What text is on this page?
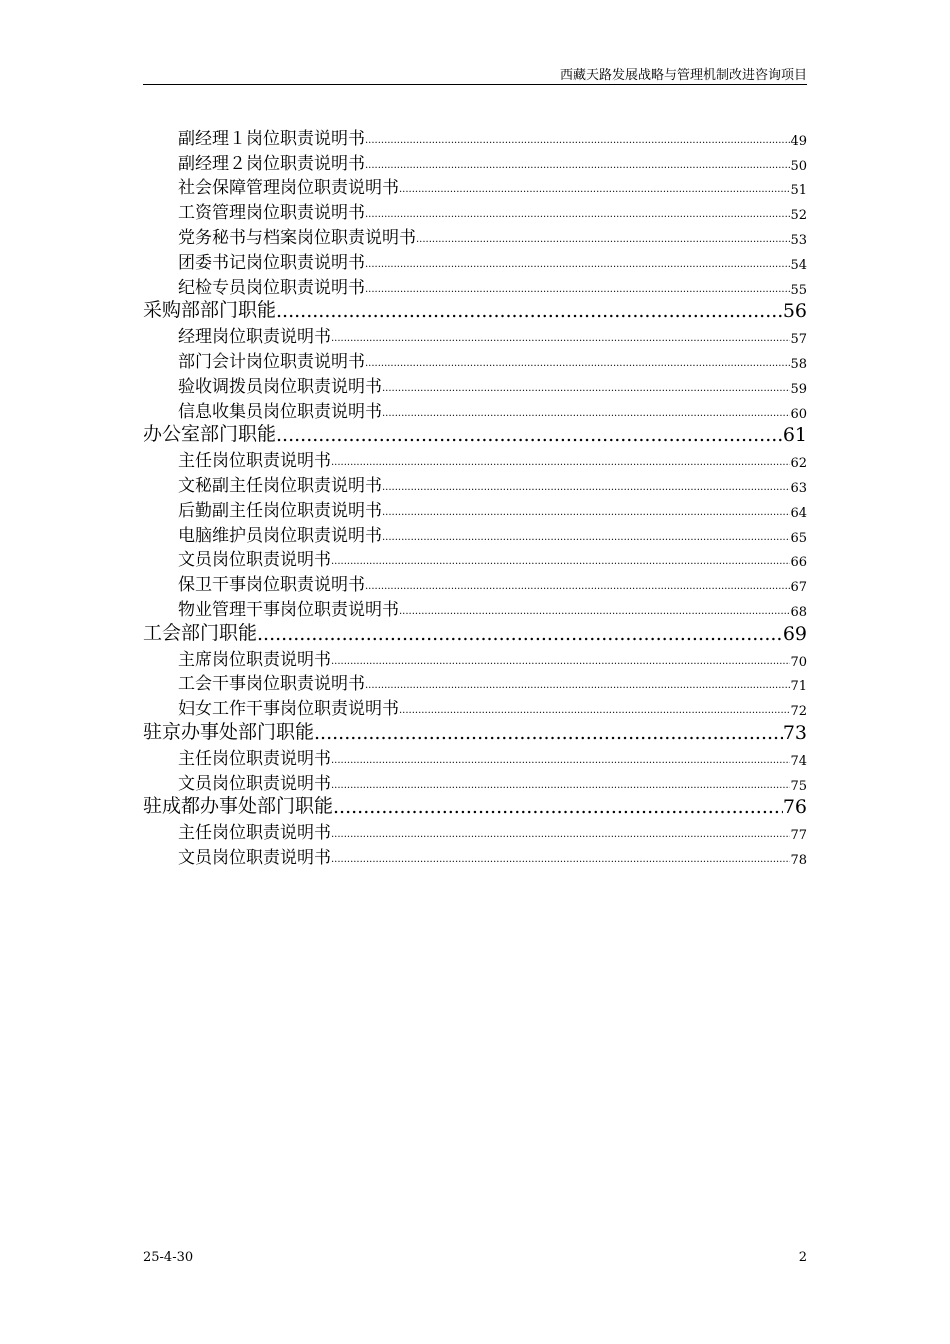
西藏天路发展战略与管理机制改进咨询项目
副经理１岗位职责说明书 .....	49
副经理２岗位职责说明书 .....	50
社会保障管理岗位职责说明书 .....	51
工资管理岗位职责说明书 .....	52
党务秘书与档案岗位职责说明书 .....	53
团委书记岗位职责说明书 .....	54
纪检专员岗位职责说明书 .....	55
采购部部门职能 .....	56
经理岗位职责说明书 .....	57
部门会计岗位职责说明书 .....	58
验收调拨员岗位职责说明书 .....	59
信息收集员岗位职责说明书 .....	60
办公室部门职能 .....	61
主任岗位职责说明书 .....	62
文秘副主任岗位职责说明书 .....	63
后勤副主任岗位职责说明书 .....	64
电脑维护员岗位职责说明书 .....	65
文员岗位职责说明书 .....	66
保卫干事岗位职责说明书 .....	67
物业管理干事岗位职责说明书 .....	68
工会部门职能 .....	69
主席岗位职责说明书 .....	70
工会干事岗位职责说明书 .....	71
妇女工作干事岗位职责说明书 .....	72
驻京办事处部门职能 .....	73
主任岗位职责说明书 .....	74
文员岗位职责说明书 .....	75
驻成都办事处部门职能 .....	76
主任岗位职责说明书 .....	77
文员岗位职责说明书 .....	78
25-4-30	2
